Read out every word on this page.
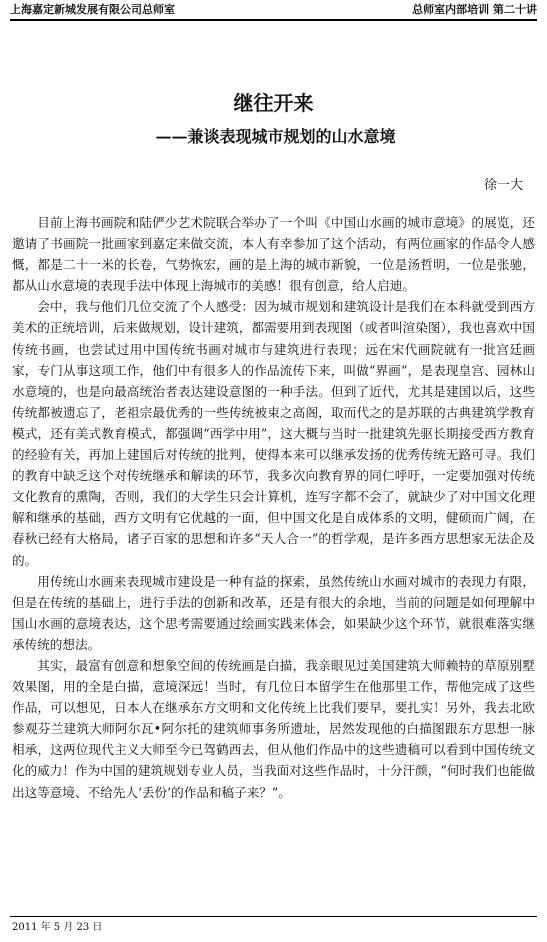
上海嘉定新城发展有限公司总师室	总师室内部培训 第二十讲
继往开来
——兼谈表现城市规划的山水意境
徐一大

目前上海书画院和陆俨少艺术院联合举办了一个叫《中国山水画的城市意境》的展览，还邀请了书画院一批画家到嘉定来做交流，本人有幸参加了这个活动，有两位画家的作品令人感慨，都是二十一米的长卷，气势恢宏，画的是上海的城市新貌，一位是汤哲明，一位是张驰，都从山水意境的表现手法中体现上海城市的美感！很有创意，给人启迪。

会中，我与他们几位交流了个人感受：因为城市规划和建筑设计是我们在本科就受到西方美术的正统培训，后来做规划，设计建筑，都需要用到表现图（或者叫渲染图），我也喜欢中国传统书画，也尝试过用中国传统书画对城市与建筑进行表现；远在宋代画院就有一批宫廷画家，专门从事这项工作，他们中有很多人的作品流传下来，叫做“界画”，是表现皇宫、园林山水意境的，也是向最高统治者表达建设意图的一种手法。但到了近代，尤其是建国以后，这些传统都被遗忘了，老祖宗最优秀的一些传统被束之高阁，取而代之的是苏联的古典建筑学教育模式，还有美式教育模式，都强调“西学中用”，这大概与当时一批建筑先驱长期接受西方教育的经验有关，再加上建国后对传统的批判，使得本来可以继承发扬的优秀传统无路可寻。我们的教育中缺乏这个对传统继承和解读的环节，我多次向教育界的同仁呼吁，一定要加强对传统文化教育的熏陶，否则，我们的大学生只会计算机，连写字都不会了，就缺少了对中国文化理解和继承的基础，西方文明有它优越的一面，但中国文化是自成体系的文明，健硕而广阔，在春秋已经有大格局，诸子百家的思想和许多“天人合一”的哲学观，是许多西方思想家无法企及的。

用传统山水画来表现城市建设是一种有益的探索，虽然传统山水画对城市的表现力有限，但是在传统的基础上，进行手法的创新和改革，还是有很大的余地，当前的问题是如何理解中国山水画的意境表达，这个思考需要通过绘画实践来体会，如果缺少这个环节，就很难落实继承传统的想法。

其实，最富有创意和想象空间的传统画是白描，我亲眼见过美国建筑大师赖特的草原别墅效果图，用的全是白描，意境深远！当时，有几位日本留学生在他那里工作，帮他完成了这些作品，可以想见，日本人在继承东方文明和文化传统上比我们要早，要扎实！另外，我去北欧参观芬兰建筑大师阿尔瓦•阿尔托的建筑师事务所遗址，居然发现他的白描图跟东方思想一脉相承，这两位现代主义大师至今已驾鹤西去，但从他们作品中的这些遗稿可以看到中国传统文化的威力！作为中国的建筑规划专业人员，当我面对这些作品时，十分汗颜，“何时我们也能做出这等意境、不给先人‘丢份’的作品和稿子来？”。

2011 年 5 月 23 日
